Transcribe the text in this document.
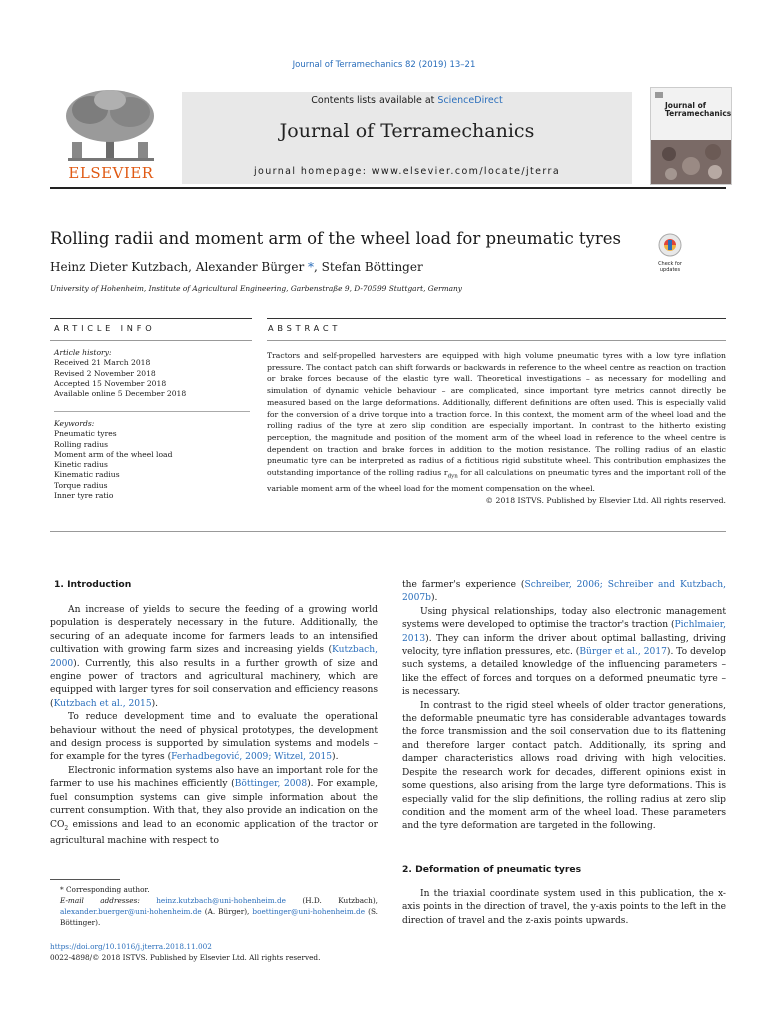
Journal of Terramechanics 82 (2019) 13–21
ELSEVIER
Contents lists available at ScienceDirect
Journal of Terramechanics
journal homepage: www.elsevier.com/locate/jterra
Journal of
Terramechanics
Rolling radii and moment arm of the wheel load for pneumatic tyres
Check for updates
Heinz Dieter Kutzbach, Alexander Bürger *, Stefan Böttinger
University of Hohenheim, Institute of Agricultural Engineering, Garbenstraße 9, D-70599 Stuttgart, Germany
ARTICLE INFO	ABSTRACT
Article history:
Received 21 March 2018
Revised 2 November 2018
Accepted 15 November 2018
Available online 5 December 2018
Keywords:
Pneumatic tyres
Rolling radius
Moment arm of the wheel load
Kinetic radius
Kinematic radius
Torque radius
Inner tyre ratio
Tractors and self-propelled harvesters are equipped with high volume pneumatic tyres with a low tyre inflation pressure. The contact patch can shift forwards or backwards in reference to the wheel centre as reaction on traction or brake forces because of the elastic tyre wall. Theoretical investigations – as necessary for modelling and simulation of dynamic vehicle behaviour – are complicated, since important tyre metrics cannot directly be measured based on the large deformations. Additionally, different definitions are often used. This is especially valid for the conversion of a drive torque into a traction force. In this context, the moment arm of the wheel load and the rolling radius of the tyre at zero slip condition are especially important. In contrast to the hitherto existing perception, the magnitude and position of the moment arm of the wheel load in reference to the wheel centre is dependent on traction and brake forces in addition to the motion resistance. The rolling radius of an elastic pneumatic tyre can be interpreted as radius of a fictitious rigid substitute wheel. This contribution emphasizes the outstanding importance of the rolling radius $r_{dyn}$ for all calculations on pneumatic tyres and the important roll of the variable moment arm of the wheel load for the moment compensation on the wheel.
© 2018 ISTVS. Published by Elsevier Ltd. All rights reserved.
1. Introduction

An increase of yields to secure the feeding of a growing world population is desperately necessary in the future. Additionally, the securing of an adequate income for farmers leads to an intensified cultivation with growing farm sizes and increasing yields (Kutzbach, 2000). Currently, this also results in a further growth of size and engine power of tractors and agricultural machinery, which are equipped with larger tyres for soil conservation and efficiency reasons (Kutzbach et al., 2015).

To reduce development time and to evaluate the operational behaviour without the need of physical prototypes, the development and design process is supported by simulation systems and models – for example for the tyres (Ferhadbegović, 2009; Witzel, 2015).

Electronic information systems also have an important role for the farmer to use his machines efficiently (Böttinger, 2008). For example, fuel consumption systems can give simple information about the current consumption. With that, they also provide an indication on the $CO_2$ emissions and lead to an economic application of the tractor or agricultural machine with respect to

* Corresponding author.
E-mail addresses: heinz.kutzbach@uni-hohenheim.de (H.D. Kutzbach), alexander.buerger@uni-hohenheim.de (A. Bürger), boettinger@uni-hohenheim.de (S. Böttinger).
https://doi.org/10.1016/j.jterra.2018.11.002
0022-4898/© 2018 ISTVS. Published by Elsevier Ltd. All rights reserved.
the farmer's experience (Schreiber, 2006; Schreiber and Kutzbach, 2007b).

Using physical relationships, today also electronic management systems were developed to optimise the tractor's traction (Pichlmaier, 2013). They can inform the driver about optimal ballasting, driving velocity, tyre inflation pressures, etc. (Bürger et al., 2017). To develop such systems, a detailed knowledge of the influencing parameters – like the effect of forces and torques on a deformed pneumatic tyre – is necessary.

In contrast to the rigid steel wheels of older tractor generations, the deformable pneumatic tyre has considerable advantages towards the force transmission and the soil conservation due to its flattening and therefore larger contact patch. Additionally, its spring and damper characteristics allows road driving with high velocities. Despite the research work for decades, different opinions exist in some questions, also arising from the large tyre deformations. This is especially valid for the slip definitions, the rolling radius at zero slip condition and the moment arm of the wheel load. These parameters and the tyre deformation are targeted in the following.

2. Deformation of pneumatic tyres

In the triaxial coordinate system used in this publication, the x-axis points in the direction of travel, the y-axis points to the left in the direction of travel and the z-axis points upwards.
